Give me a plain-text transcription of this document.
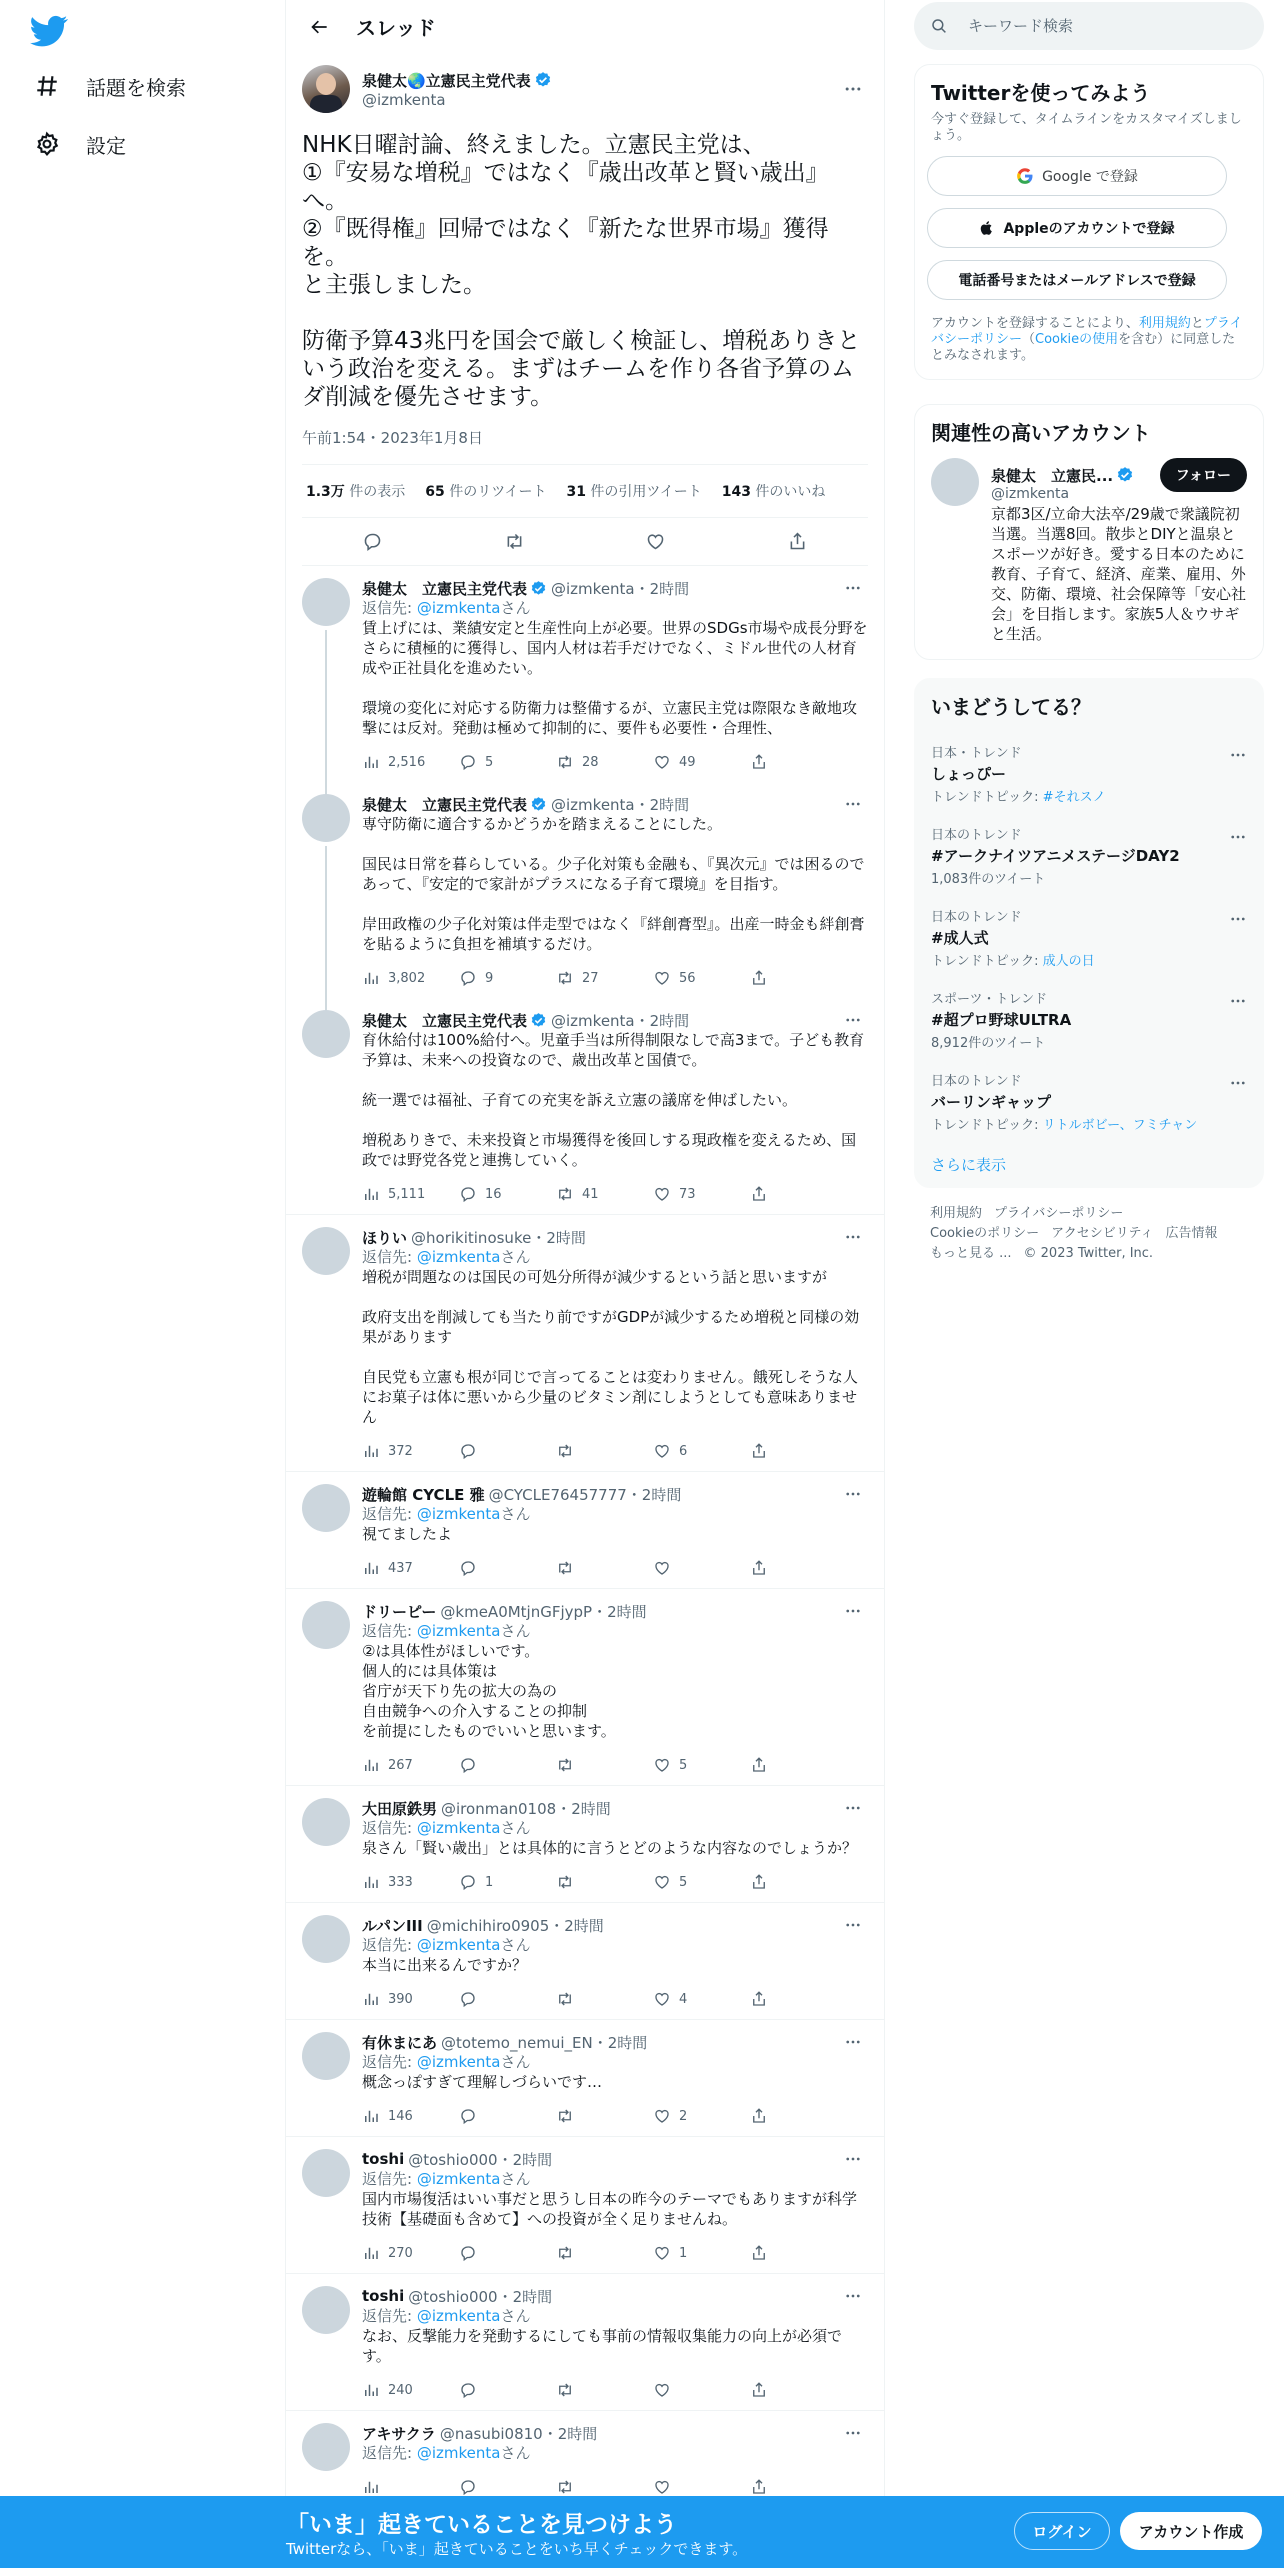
話題を検索
設定
スレッド
泉健太🌏立憲民主党代表
@izmkenta
NHK日曜討論、終えました。立憲民主党は、
①『安易な増税』ではなく『歳出改革と賢い歳出』へ。
②『既得権』回帰ではなく『新たな世界市場』獲得を。
と主張しました。

防衛予算43兆円を国会で厳しく検証し、増税ありきという政治を変える。まずはチームを作り各省予算のムダ削減を優先させます。
午前1:54・2023年1月8日
1.3万 件の表示 65 件のリツイート 31 件の引用ツイート 143 件のいいね
泉健太　立憲民主党代表 @izmkenta・2時間
返信先: @izmkentaさん
賃上げには、業績安定と生産性向上が必要。世界のSDGs市場や成長分野をさらに積極的に獲得し、国内人材は若手だけでなく、ミドル世代の人材育成や正社員化を進めたい。

環境の変化に対応する防衛力は整備するが、立憲民主党は際限なき敵地攻撃には反対。発動は極めて抑制的に、要件も必要性・合理性、
2,516	5	28	49
泉健太　立憲民主党代表 @izmkenta・2時間
専守防衛に適合するかどうかを踏まえることにした。

国民は日常を暮らしている。少子化対策も金融も、『異次元』では困るのであって、『安定的で家計がプラスになる子育て環境』を目指す。

岸田政権の少子化対策は伴走型ではなく『絆創膏型』。出産一時金も絆創膏を貼るように負担を補填するだけ。
3,802	9	27	56
泉健太　立憲民主党代表 @izmkenta・2時間
育休給付は100%給付へ。児童手当は所得制限なしで高3まで。子ども教育予算は、未来への投資なので、歳出改革と国債で。

統一選では福祉、子育ての充実を訴え立憲の議席を伸ばしたい。

増税ありきで、未来投資と市場獲得を後回しする現政権を変えるため、国政では野党各党と連携していく。
5,111	16	41	73
ほりい @horikitinosuke・2時間
返信先: @izmkentaさん
増税が問題なのは国民の可処分所得が減少するという話と思いますが

政府支出を削減しても当たり前ですがGDPが減少するため増税と同様の効果があります

自民党も立憲も根が同じで言ってることは変わりません。餓死しそうな人にお菓子は体に悪いから少量のビタミン剤にしようとしても意味ありません
372	6
遊輪館 CYCLE 雅 @CYCLE76457777・2時間
返信先: @izmkentaさん
視てましたよ
437
ドリーピー @kmeA0MtjnGFjypP・2時間
返信先: @izmkentaさん
②は具体性がほしいです。
個人的には具体策は
省庁が天下り先の拡大の為の
自由競争への介入することの抑制
を前提にしたものでいいと思います。
267	5
大田原鉄男 @ironman0108・2時間
返信先: @izmkentaさん
泉さん「賢い歳出」とは具体的に言うとどのような内容なのでしょうか？
333	1	5
ルパンIII @michihiro0905・2時間
返信先: @izmkentaさん
本当に出来るんですか？
390	4
有休まにあ @totemo_nemui_EN・2時間
返信先: @izmkentaさん
概念っぽすぎて理解しづらいです…
146	2
toshi @toshio000・2時間
返信先: @izmkentaさん
国内市場復活はいい事だと思うし日本の昨今のテーマでもありますが科学技術【基礎面も含めて】への投資が全く足りませんね。
270	1
toshi @toshio000・2時間
返信先: @izmkentaさん
なお、反撃能力を発動するにしても事前の情報収集能力の向上が必須です。
240
アキサクラ @nasubi0810・2時間
返信先: @izmkentaさん
キーワード検索
Twitterを使ってみよう
今すぐ登録して、タイムラインをカスタマイズしましょう。
Google で登録
Appleのアカウントで登録
電話番号またはメールアドレスで登録
アカウントを登録することにより、利用規約とプライバシーポリシー（Cookieの使用を含む）に同意したとみなされます。
関連性の高いアカウント
泉健太　立憲民...	フォロー
@izmkenta
京都3区/立命大法卒/29歳で衆議院初当選。当選8回。散歩とDIYと温泉とスポーツが好き。愛する日本のために教育、子育て、経済、産業、雇用、外交、防衛、環境、社会保障等「安心社会」を目指します。家族5人＆ウサギと生活。
いまどうしてる？
日本・トレンド
しょっぴー
トレンドトピック: #それスノ
日本のトレンド
#アークナイツアニメステージDAY2
1,083件のツイート
日本のトレンド
#成人式
トレンドトピック: 成人の日
スポーツ・トレンド
#超プロ野球ULTRA
8,912件のツイート
日本のトレンド
バーリンギャップ
トレンドトピック: リトルボビー、フミチャン
さらに表示
利用規約 プライバシーポリシー
Cookieのポリシー アクセシビリティ 広告情報
もっと見る ... © 2023 Twitter, Inc.
「いま」起きていることを見つけよう
Twitterなら、「いま」起きていることをいち早くチェックできます。
ログイン	アカウント作成
